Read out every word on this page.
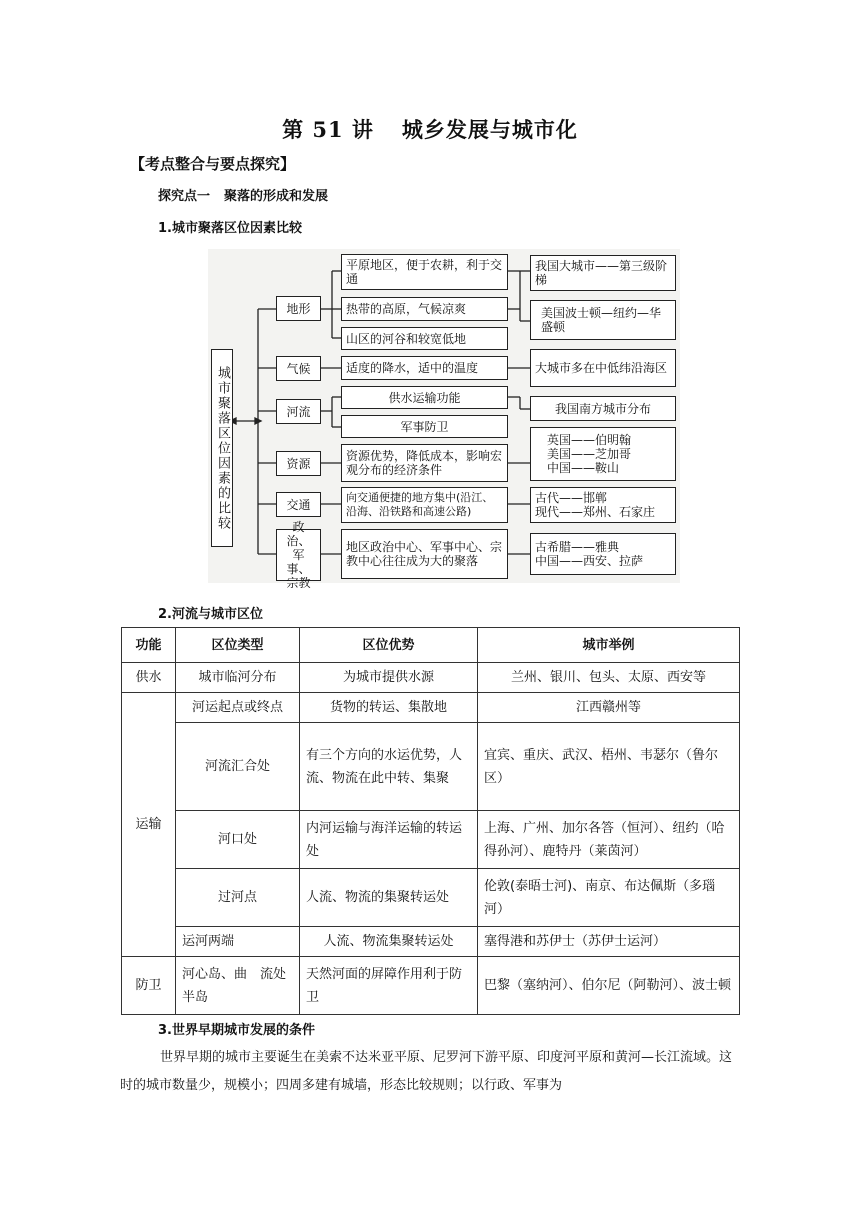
第 51 讲 城乡发展与城市化
【考点整合与要点探究】
探究点一 聚落的形成和发展
1.城市聚落区位因素比较
城市聚落区位因素的比较
地形
气候
河流
资源
交通
政治、军事、宗教
平原地区，便于农耕，利于交通
热带的高原，气候凉爽
山区的河谷和较宽低地
适度的降水，适中的温度
供水运输功能
军事防卫
资源优势，降低成本，影响宏观分布的经济条件
向交通便捷的地方集中(沿江、沿海、沿铁路和高速公路)
地区政治中心、军事中心、宗教中心往往成为大的聚落
我国大城市——第三级阶梯
美国波士顿—纽约—华盛顿
大城市多在中低纬沿海区
我国南方城市分布
英国——伯明翰
美国——芝加哥
中国——鞍山
古代——邯郸
现代——郑州、石家庄
古希腊——雅典
中国——西安、拉萨
2.河流与城市区位
功能	区位类型	区位优势	城市举例
供水	城市临河分布	为城市提供水源	兰州、银川、包头、太原、西安等
运输	河运起点或终点	货物的转运、集散地	江西赣州等
	河流汇合处	有三个方向的水运优势，人流、物流在此中转、集聚	宜宾、重庆、武汉、梧州、韦瑟尔（鲁尔区）
	河口处	内河运输与海洋运输的转运处	上海、广州、加尔各答（恒河）、纽约（哈得孙河）、鹿特丹（莱茵河）
	过河点	人流、物流的集聚转运处	伦敦(泰晤士河)、南京、布达佩斯（多瑙河）
	运河两端	人流、物流集聚转运处	塞得港和苏伊士（苏伊士运河）
防卫	河心岛、曲　流处半岛	天然河面的屏障作用利于防卫	巴黎（塞纳河）、伯尔尼（阿勒河）、波士顿
3.世界早期城市发展的条件
世界早期的城市主要诞生在美索不达米亚平原、尼罗河下游平原、印度河平原和黄河—长江流域。这时的城市数量少，规模小；四周多建有城墙，形态比较规则；以行政、军事为
